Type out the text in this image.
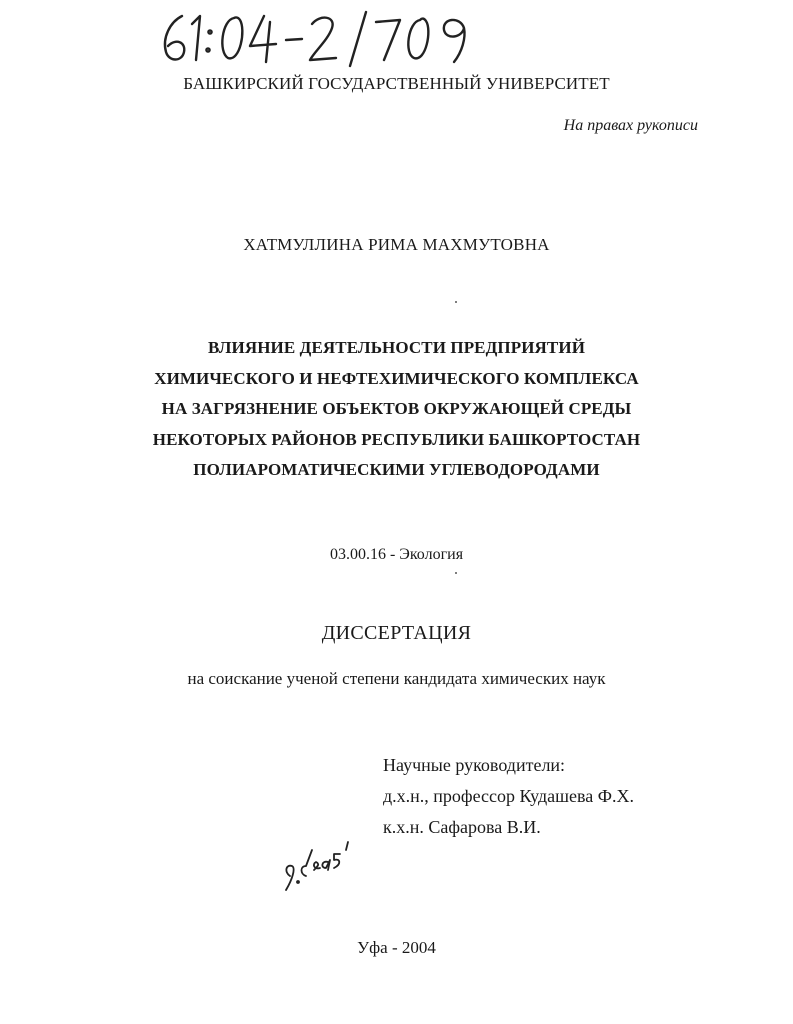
61:04-2/709
БАШКИРСКИЙ ГОСУДАРСТВЕННЫЙ УНИВЕРСИТЕТ
На правах рукописи
ХАТМУЛЛИНА РИМА МАХМУТОВНА
ВЛИЯНИЕ ДЕЯТЕЛЬНОСТИ ПРЕДПРИЯТИЙ
ХИМИЧЕСКОГО И НЕФТЕХИМИЧЕСКОГО КОМПЛЕКСА
НА ЗАГРЯЗНЕНИЕ ОБЪЕКТОВ ОКРУЖАЮЩЕЙ СРЕДЫ
НЕКОТОРЫХ РАЙОНОВ РЕСПУБЛИКИ БАШКОРТОСТАН
ПОЛИАРОМАТИЧЕСКИМИ УГЛЕВОДОРОДАМИ
03.00.16 - Экология
ДИССЕРТАЦИЯ
на соискание ученой степени кандидата химических наук
Научные руководители:
д.х.н., профессор Кудашева Ф.Х.
к.х.н. Сафарова В.И.
9.dea5'
Уфа - 2004
